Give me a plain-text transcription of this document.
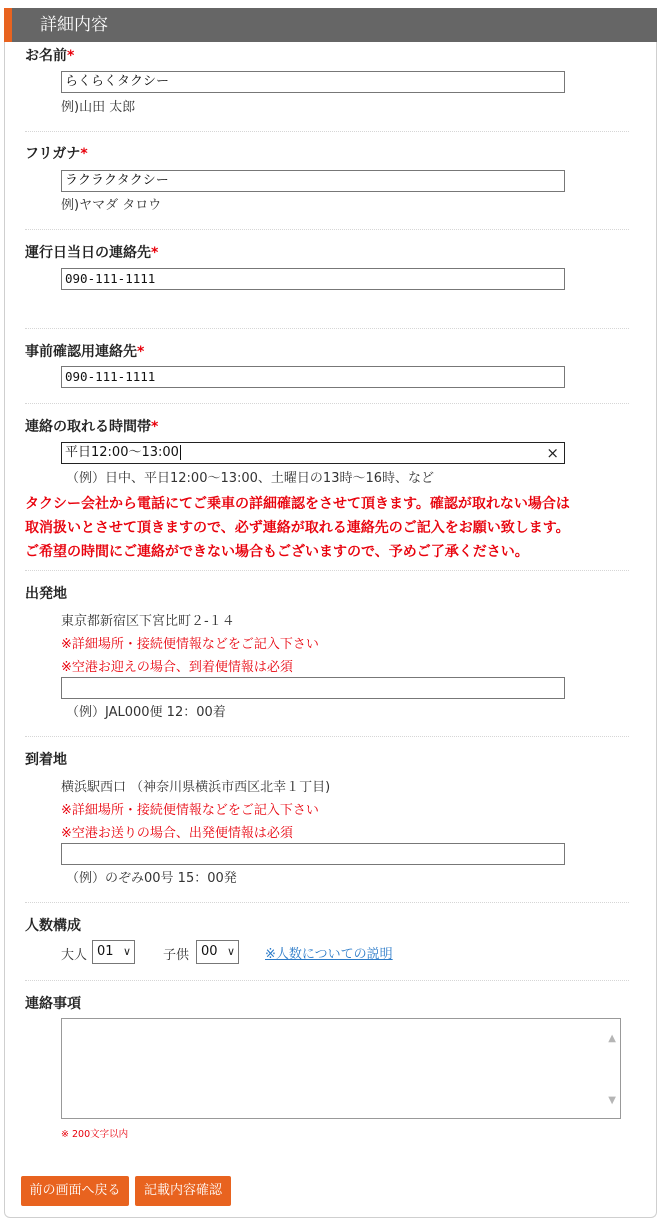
詳細内容
お名前*
らくらくタクシー
例)山田 太郎
フリガナ*
ラクラクタクシー
例)ヤマダ タロウ
運行日当日の連絡先*
090-111-1111
事前確認用連絡先*
090-111-1111
連絡の取れる時間帯*
平日12:00～13:00	×
（例）日中、平日12:00～13:00、土曜日の13時～16時、など
タクシー会社から電話にてご乗車の詳細確認をさせて頂きます。確認が取れない場合は
取消扱いとさせて頂きますので、必ず連絡が取れる連絡先のご記入をお願い致します。
ご希望の時間にご連絡ができない場合もございますので、予めご了承ください。
出発地
東京都新宿区下宮比町２-１４
※詳細場所・接続便情報などをご記入下さい
※空港お迎えの場合、到着便情報は必須
（例）JAL000便 12：00着
到着地
横浜駅西口 （神奈川県横浜市西区北幸１丁目)
※詳細場所・接続便情報などをご記入下さい
※空港お送りの場合、出発便情報は必須
（例）のぞみ00号 15：00発
人数構成
大人 01 ∨ 子供 00 ∨ ※人数についての説明
連絡事項
▲
▼
※ 200文字以内
前の画面へ戻る	記載内容確認
